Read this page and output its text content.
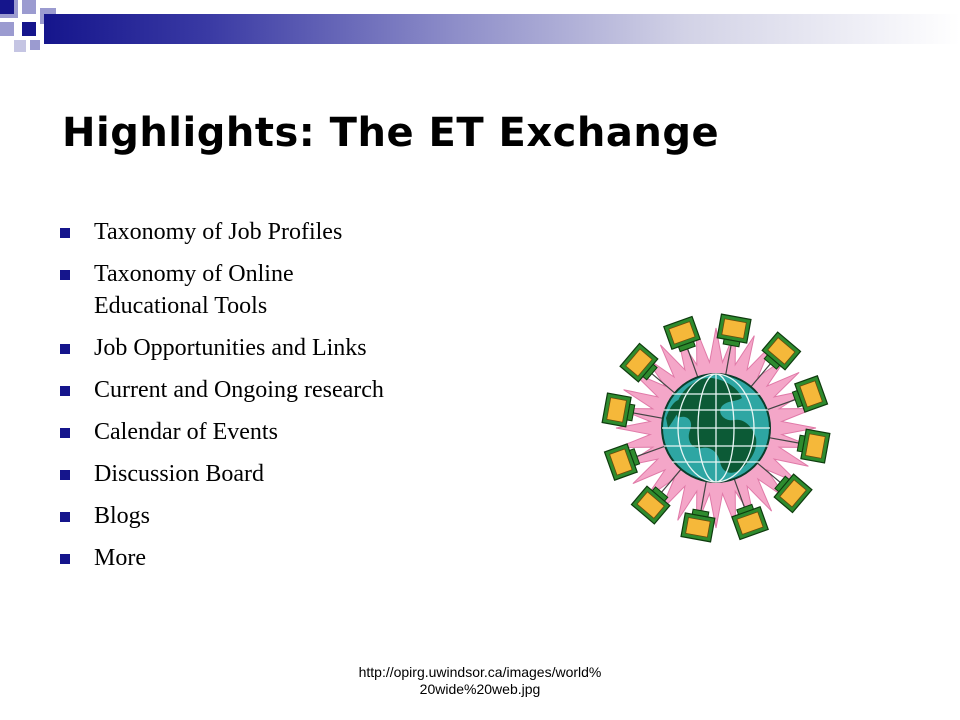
Highlights: The ET Exchange
Taxonomy of Job Profiles
Taxonomy of Online Educational Tools
Job Opportunities and Links
Current and Ongoing research
Calendar of Events
Discussion Board
Blogs
More
http://opirg.uwindsor.ca/images/world%
20wide%20web.jpg
